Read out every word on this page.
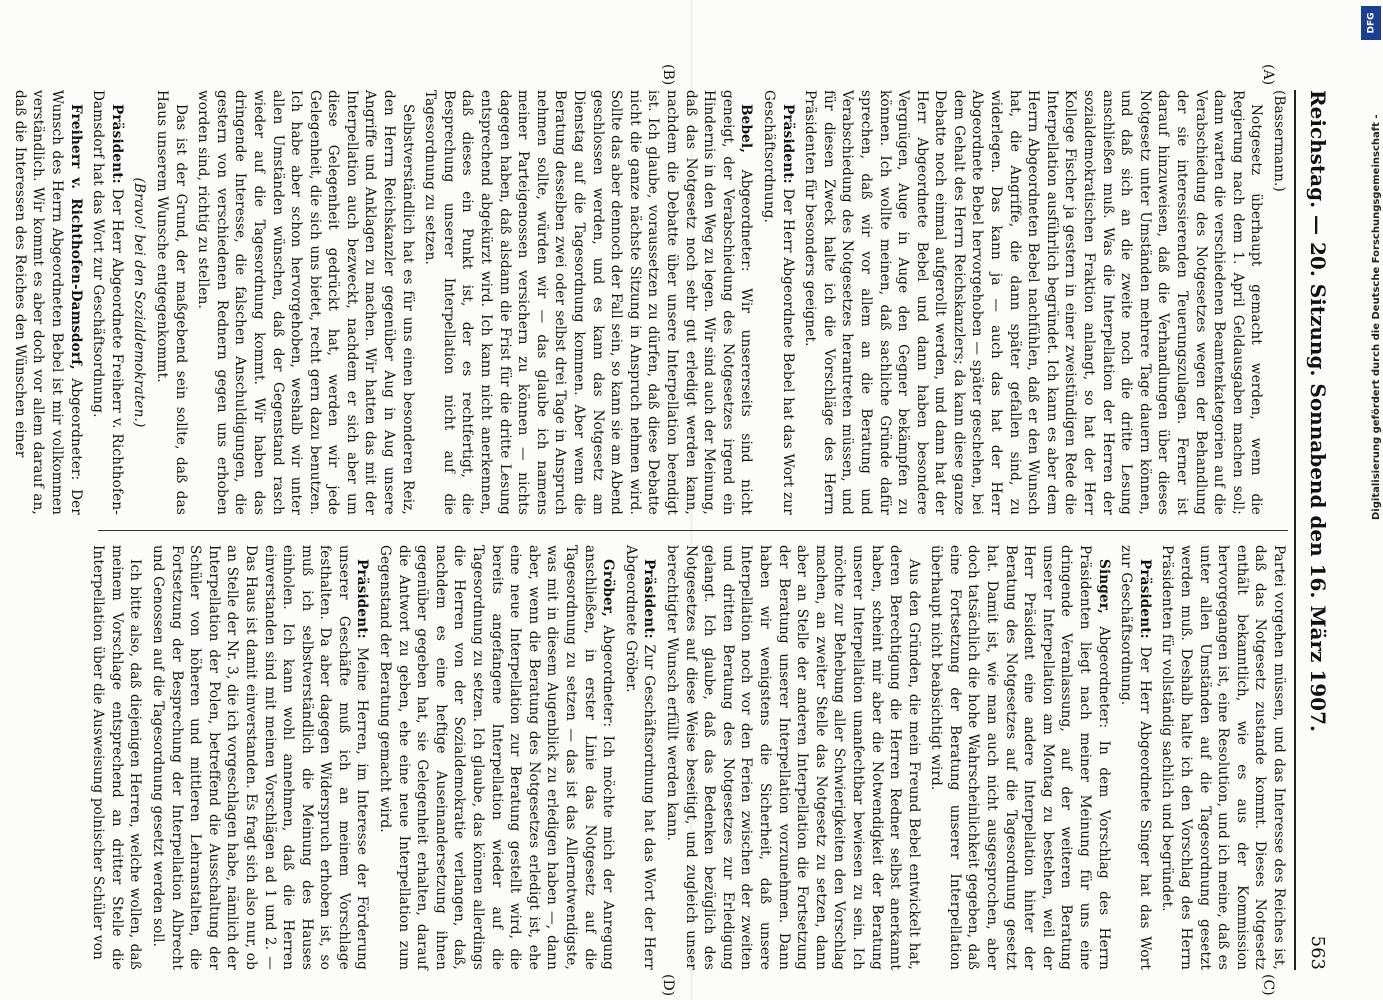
Reichstag. — 20. Sitzung. Sonnabend den 16. März 1907.
563

(Bassermann.)

Notgesetz überhaupt gemacht werden, wenn die Regierung nach dem 1. April Geldausgaben machen soll; dann warten die verschiedenen Beamtenkategorien auf die Verabschiedung des Notgesetzes wegen der Behandlung der sie interessierenden Teuerungszulagen. Ferner ist darauf hinzuweisen, daß die Verhandlungen über dieses Notgesetz unter Umständen mehrere Tage dauern können, und daß sich an die zweite noch die dritte Lesung anschließen muß. Was die Interpellation der Herren der sozialdemokratischen Fraktion anlangt, so hat der Herr Kollege Fischer ja gestern in einer zweistündigen Rede die Interpellation ausführlich begründet. Ich kann es aber dem Herrn Abgeordneten Bebel nachfühlen, daß er den Wunsch hat, die Angriffe, die dann später gefallen sind, zu widerlegen. Das kann ja — auch das hat der Herr Abgeordnete Bebel hervorgehoben — später geschehen, bei dem Gehalt des Herrn Reichskanzlers; da kann diese ganze Debatte noch einmal aufgerollt werden, und dann hat der Herr Abgeordnete Bebel und dann haben besondere Vergnügen, Auge in Auge den Gegner bekämpfen zu können. Ich wollte meinen, daß sachliche Gründe dafür sprechen, daß wir vor allem an die Beratung und Verabschiedung des Notgesetzes herantreten müssen, und für diesen Zweck halte ich die Vorschläge des Herrn Präsidenten für besonders geeignet.

Präsident: Der Herr Abgeordnete Bebel hat das Wort zur Geschäftsordnung.

Bebel, Abgeordneter: Wir unsererseits sind nicht geneigt, der Verabschiedung des Notgesetzes irgend ein Hindernis in den Weg zu legen. Wir sind auch der Meinung, daß das Notgesetz noch sehr gut erledigt werden kann, nachdem die Debatte über unsere Interpellation beendigt ist. Ich glaube, voraussetzen zu dürfen, daß diese Debatte nicht die ganze nächste Sitzung in Anspruch nehmen wird. Sollte das aber dennoch der Fall sein, so kann sie am Abend geschlossen werden, und es kann das Notgesetz am Dienstag auf die Tagesordnung kommen. Aber wenn die Beratung desselben zwei oder selbst drei Tage in Anspruch nehmen sollte, würden wir — das glaube ich namens meiner Parteigenossen versichern zu können — nichts dagegen haben, daß alsdann die Frist für die dritte Lesung entsprechend abgekürzt wird. Ich kann nicht anerkennen, daß dieses ein Punkt ist, der es rechtfertigt, die Besprechung unserer Interpellation nicht auf die Tagesordnung zu setzen.

Selbstverständlich hat es für uns einen besonderen Reiz, den Herrn Reichskanzler gegenüber Aug in Aug unsere Angriffe und Anklagen zu machen. Wir hatten das mit der Interpellation auch bezweckt, nachdem er sich aber um diese Gelegenheit gedrückt hat, werden wir jede Gelegenheit, die sich uns bietet, recht gern dazu benutzen. Ich habe aber schon hervorgehoben, weshalb wir unter allen Umständen wünschen, daß der Gegenstand rasch wieder auf die Tagesordnung kommt. Wir haben das dringende Interesse, die falschen Anschuldigungen, die gestern von verschiedenen Rednern gegen uns erhoben worden sind, richtig zu stellen.

Das ist der Grund, der maßgebend sein sollte, daß das Haus unserem Wunsche entgegenkommt.

(Bravo! bei den Sozialdemokraten.)

Präsident: Der Herr Abgeordnete Freiherr v. Richthofen-Damsdorf hat das Wort zur Geschäftsordnung.

Freiherr v. Richthofen-Damsdorf, Abgeordneter: Der Wunsch des Herrn Abgeordneten Bebel ist mir vollkommen verständlich. Wir kommt es aber doch vor allem darauf an, daß die Interessen des Reiches den Wünschen einer

Partei vorgehen müssen, und das Interesse des Reiches ist, daß das Notgesetz zustande kommt. Dieses Notgesetz enthält bekanntlich, wie es aus der Kommission hervorgegangen ist, eine Resolution, und ich meine, daß es unter allen Umständen auf die Tagesordnung gesetzt werden muß. Deshalb halte ich den Vorschlag des Herrn Präsidenten für vollständig sachlich und begründet.

Präsident: Der Herr Abgeordnete Singer hat das Wort zur Geschäftsordnung.

Singer, Abgeordneter: In dem Vorschlag des Herrn Präsidenten liegt nach meiner Meinung für uns eine dringende Veranlassung, auf der weiteren Beratung unserer Interpellation am Montag zu bestehen, weil der Herr Präsident eine andere Interpellation hinter der Beratung des Notgesetzes auf die Tagesordnung gesetzt hat. Damit ist, wie man auch nicht ausgesprochen, aber doch tatsächlich die hohe Wahrscheinlichkeit gegeben, daß eine Fortsetzung der Beratung unserer Interpellation überhaupt nicht beabsichtigt wird.

Aus den Gründen, die mein Freund Bebel entwickelt hat, deren Berechtigung die Herren Redner selbst anerkannt haben, scheint mir aber die Notwendigkeit der Beratung unserer Interpellation unanfechtbar bewiesen zu sein. Ich möchte zur Behebung aller Schwierigkeiten den Vorschlag machen, an zweiter Stelle das Notgesetz zu setzen, dann aber an Stelle der anderen Interpellation die Fortsetzung der Beratung unserer Interpellation vorzunehmen. Dann haben wir wenigstens die Sicherheit, daß unsere Interpellation noch vor den Ferien zwischen der zweiten und dritten Beratung des Notgesetzes zur Erledigung gelangt. Ich glaube, daß das Bedenken bezüglich des Notgesetzes auf diese Weise beseitigt, und zugleich unser berechtigter Wunsch erfüllt werden kann.

Präsident: Zur Geschäftsordnung hat das Wort der Herr Abgeordnete Gröber.

Gröber, Abgeordneter: Ich möchte mich der Anregung anschließen, in erster Linie das Notgesetz auf die Tagesordnung zu setzen — das ist das Allernotwendigste, was mit in diesem Augenblick zu erledigen haben —, dann aber, wenn die Beratung des Notgesetzes erledigt ist, ehe eine neue Interpellation zur Beratung gestellt wird, die bereits angefangene Interpellation wieder auf die Tagesordnung zu setzen. Ich glaube, das können allerdings die Herren von der Sozialdemokratie verlangen, daß, nachdem es eine heftige Auseinandersetzung ihnen gegenüber gegeben hat, sie Gelegenheit erhalten, darauf die Antwort zu geben, ehe eine neue Interpellation zum Gegenstand der Beratung gemacht wird.

Präsident: Meine Herren, im Interesse der Förderung unserer Geschäfte muß ich an meinem Vorschlage festhalten. Da aber dagegen Widerspruch erhoben ist, so muß ich selbstverständlich die Meinung des Hauses einholen. Ich kann wohl annehmen, daß die Herren einverstanden sind mit meinen Vorschlägen ad 1 und 2. — Das Haus ist damit einverstanden. Es fragt sich also nur, ob an Stelle der Nr. 3, die ich vorgeschlagen habe, nämlich der Interpellation der Polen, betreffend die Ausschaltung der Schüler von höheren und mittleren Lehranstalten, die Fortsetzung der Besprechung der Interpellation Albrecht und Genossen auf die Tagesordnung gesetzt werden soll.

Ich bitte also, daß diejenigen Herren, welche wollen, daß meinem Vorschlage entsprechend an dritter Stelle die Interpellation über die Ausweisung polnischer Schüler von

(A)
(B)
(C)
(D)
DFG
Digitalisierung gefördert durch die Deutsche Forschungsgemeinschaft -
